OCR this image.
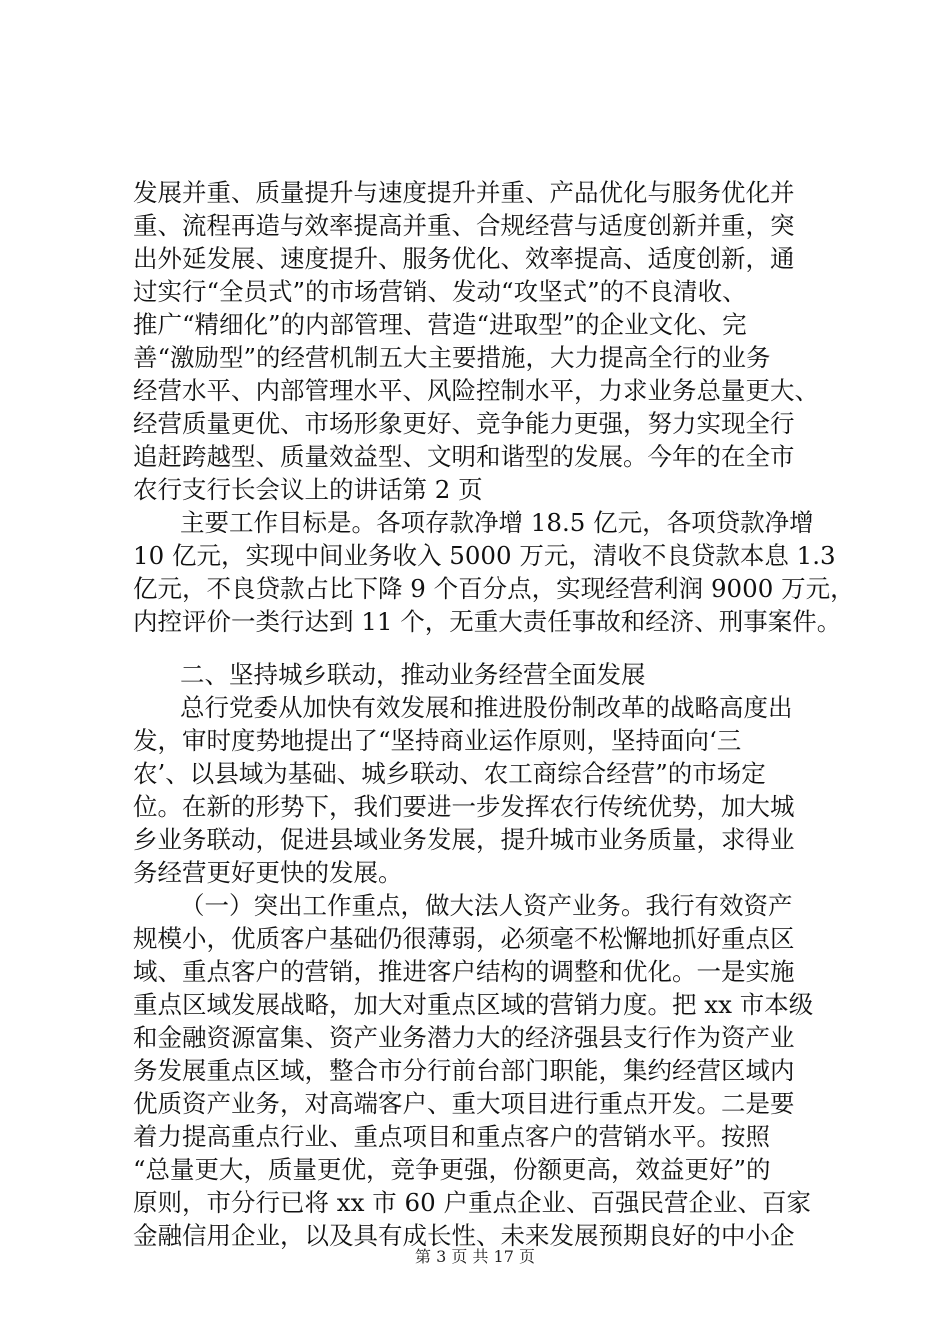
发展并重、质量提升与速度提升并重、产品优化与服务优化并
重、流程再造与效率提高并重、合规经营与适度创新并重，突
出外延发展、速度提升、服务优化、效率提高、适度创新，通
过实行“全员式”的市场营销、发动“攻坚式”的不良清收、
推广“精细化”的内部管理、营造“进取型”的企业文化、完
善“激励型”的经营机制五大主要措施，大力提高全行的业务
经营水平、内部管理水平、风险控制水平，力求业务总量更大、
经营质量更优、市场形象更好、竞争能力更强，努力实现全行
追赶跨越型、质量效益型、文明和谐型的发展。今年的在全市
农行支行长会议上的讲话第 2 页
主要工作目标是。各项存款净增 18.5 亿元，各项贷款净增
10 亿元，实现中间业务收入 5000 万元，清收不良贷款本息 1.3
亿元，不良贷款占比下降 9 个百分点，实现经营利润 9000 万元，
内控评价一类行达到 11 个，无重大责任事故和经济、刑事案件。
二、坚持城乡联动，推动业务经营全面发展
总行党委从加快有效发展和推进股份制改革的战略高度出
发，审时度势地提出了“坚持商业运作原则，坚持面向‘三
农’、以县域为基础、城乡联动、农工商综合经营”的市场定
位。在新的形势下，我们要进一步发挥农行传统优势，加大城
乡业务联动，促进县域业务发展，提升城市业务质量，求得业
务经营更好更快的发展。
（一）突出工作重点，做大法人资产业务。我行有效资产
规模小，优质客户基础仍很薄弱，必须毫不松懈地抓好重点区
域、重点客户的营销，推进客户结构的调整和优化。一是实施
重点区域发展战略，加大对重点区域的营销力度。把 xx 市本级
和金融资源富集、资产业务潜力大的经济强县支行作为资产业
务发展重点区域，整合市分行前台部门职能，集约经营区域内
优质资产业务，对高端客户、重大项目进行重点开发。二是要
着力提高重点行业、重点项目和重点客户的营销水平。按照
“总量更大，质量更优，竞争更强，份额更高，效益更好”的
原则，市分行已将 xx 市 60 户重点企业、百强民营企业、百家
金融信用企业，以及具有成长性、未来发展预期良好的中小企
第 3 页 共 17 页
